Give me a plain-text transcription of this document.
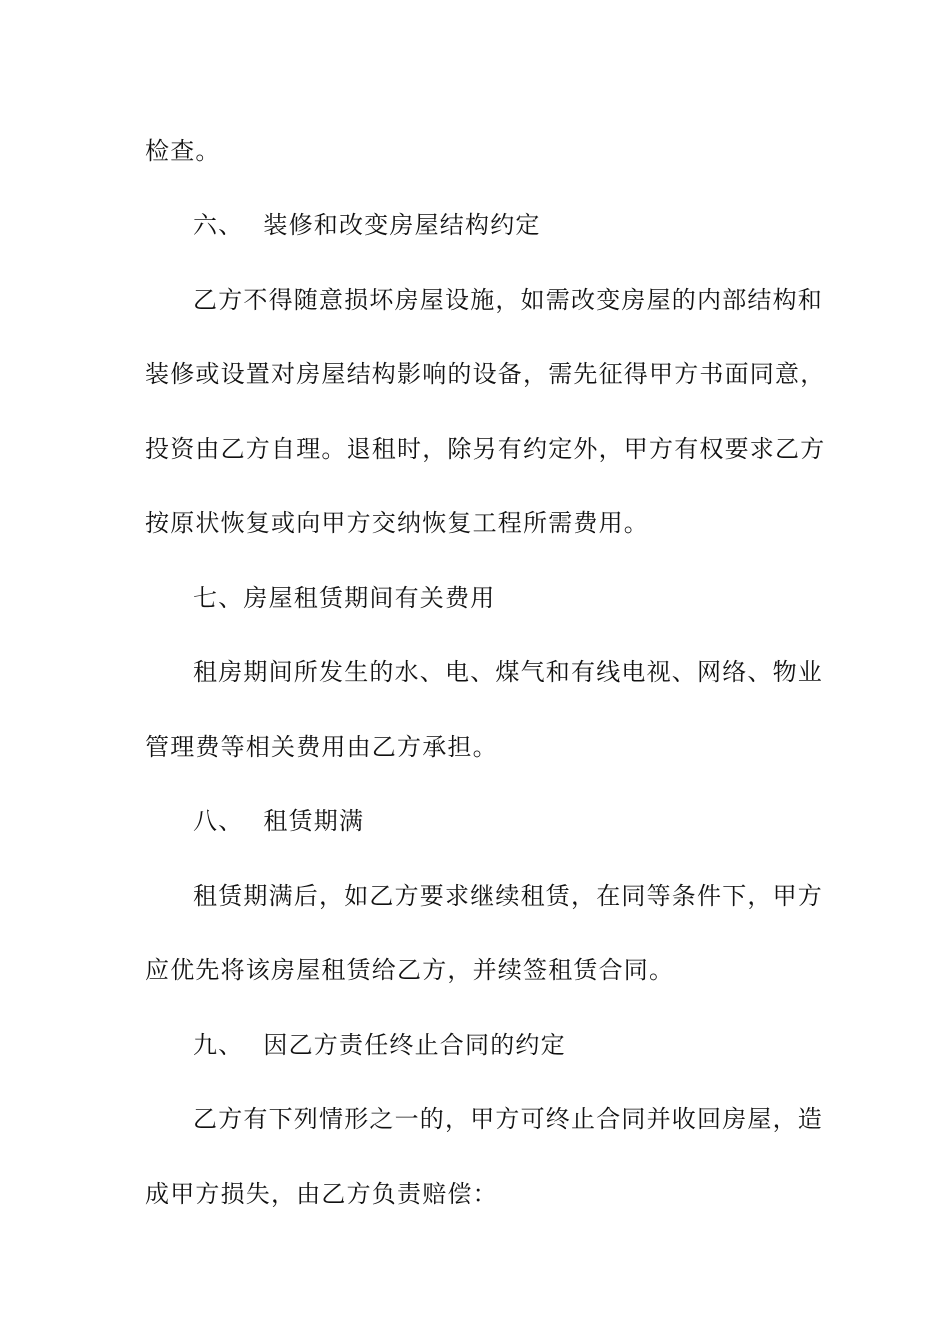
检查。
六、 装修和改变房屋结构约定
乙方不得随意损坏房屋设施，如需改变房屋的内部结构和
装修或设置对房屋结构影响的设备，需先征得甲方书面同意，
投资由乙方自理。退租时，除另有约定外，甲方有权要求乙方
按原状恢复或向甲方交纳恢复工程所需费用。
七、房屋租赁期间有关费用
租房期间所发生的水、电、煤气和有线电视、网络、物业
管理费等相关费用由乙方承担。
八、 租赁期满
租赁期满后，如乙方要求继续租赁，在同等条件下，甲方
应优先将该房屋租赁给乙方，并续签租赁合同。
九、 因乙方责任终止合同的约定
乙方有下列情形之一的，甲方可终止合同并收回房屋，造
成甲方损失，由乙方负责赔偿：
